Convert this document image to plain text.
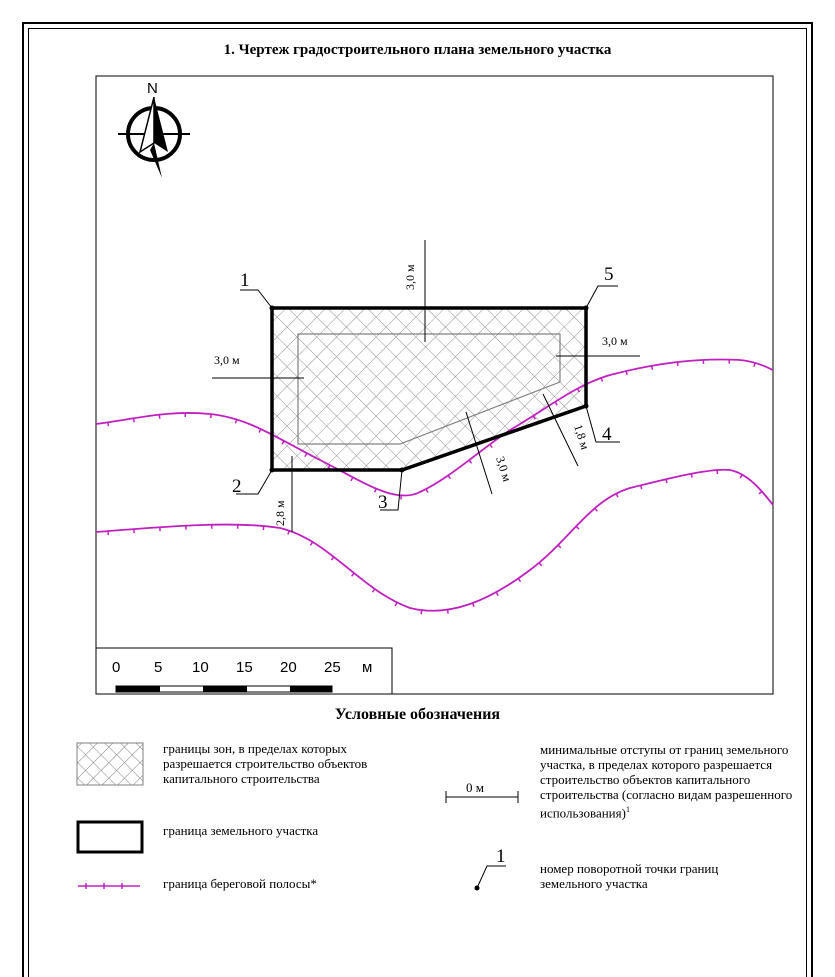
1. Чертеж градостроительного плана земельного участка
N
3,0 м
3,0 м
3,0 м
3,0 м
1,8 м
2,8 м
1
2
3
4
5
0 5 10 15 20 25 м
0 м
1
Условные обозначения
границы зон, в пределах которых разрешается строительство объектов капитального строительства
граница земельного участка
граница береговой полосы*
минимальные отступы от границ земельного участка, в пределах которого разрешается строительство объектов капитального строительства (согласно видам разрешенного использования)$^1$
номер поворотной точки границ земельного участка
